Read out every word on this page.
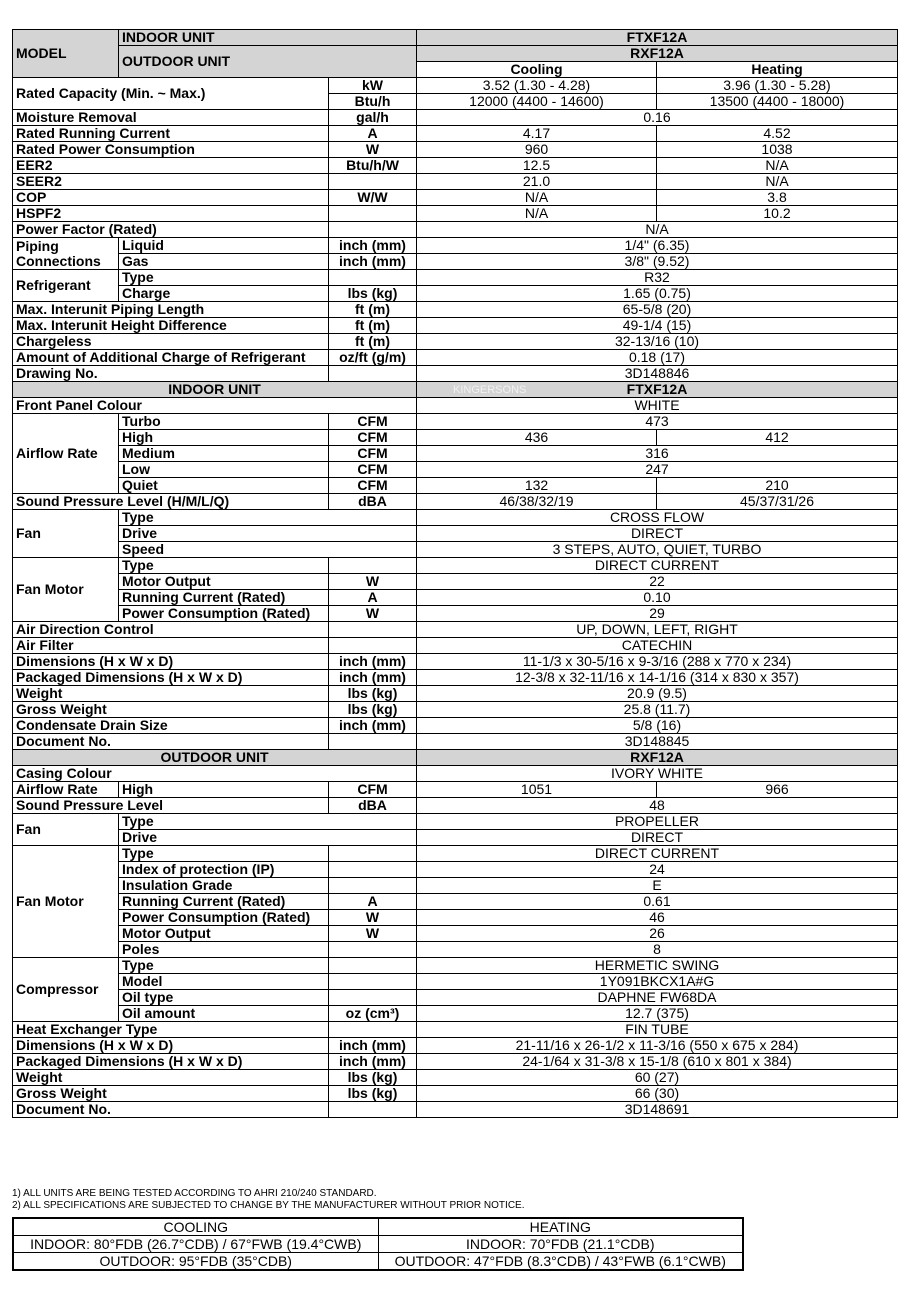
MODEL	INDOOR UNIT		FTXF12A	
	OUTDOOR UNIT		RXF12A	
			Cooling	Heating
Rated Capacity (Min. ~ Max.)		kW	3.52 (1.30 - 4.28)	3.96 (1.30 - 5.28)
		Btu/h	12000 (4400 - 14600)	13500 (4400 - 18000)
Moisture Removal		gal/h	0.16	
Rated Running Current		A	4.17	4.52
Rated Power Consumption		W	960	1038
EER2		Btu/h/W	12.5	N/A
SEER2			21.0	N/A
COP		W/W	N/A	3.8
HSPF2			N/A	10.2
Power Factor (Rated)			N/A	
Piping Connections	Liquid	inch (mm)	1/4" (6.35)	
	Gas	inch (mm)	3/8" (9.52)	
Refrigerant	Type		R32	
	Charge	lbs (kg)	1.65 (0.75)	
Max. Interunit Piping Length		ft (m)	65-5/8 (20)	
Max. Interunit Height Difference		ft (m)	49-1/4 (15)	
Chargeless		ft (m)	32-13/16 (10)	
Amount of Additional Charge of Refrigerant		oz/ft (g/m)	0.18 (17)	
Drawing No.			3D148846	
INDOOR UNIT			KINGERSONS FTXF12A	
Front Panel Colour			WHITE	
Airflow Rate	Turbo	CFM	473	
	High	CFM	436	412
	Medium	CFM	316	
	Low	CFM	247	
	Quiet	CFM	132	210
Sound Pressure Level (H/M/L/Q)		dBA	46/38/32/19	45/37/31/26
Fan	Type		CROSS FLOW	
	Drive		DIRECT	
	Speed		3 STEPS, AUTO, QUIET, TURBO	
Fan Motor	Type		DIRECT CURRENT	
	Motor Output	W	22	
	Running Current (Rated)	A	0.10	
	Power Consumption (Rated)	W	29	
Air Direction Control			UP, DOWN, LEFT, RIGHT	
Air Filter			CATECHIN	
Dimensions (H x W x D)		inch (mm)	11-1/3 x 30-5/16 x 9-3/16 (288 x 770 x 234)	
Packaged Dimensions (H x W x D)		inch (mm)	12-3/8 x 32-11/16 x 14-1/16 (314 x 830 x 357)	
Weight		lbs (kg)	20.9 (9.5)	
Gross Weight		lbs (kg)	25.8 (11.7)	
Condensate Drain Size		inch (mm)	5/8 (16)	
Document No.			3D148845	
OUTDOOR UNIT			RXF12A	
Casing Colour			IVORY WHITE	
Airflow Rate	High	CFM	1051	966
Sound Pressure Level		dBA	48	
Fan	Type		PROPELLER	
	Drive		DIRECT	
Fan Motor	Type		DIRECT CURRENT	
	Index of protection (IP)		24	
	Insulation Grade		E	
	Running Current (Rated)	A	0.61	
	Power Consumption (Rated)	W	46	
	Motor Output	W	26	
	Poles		8	
Compressor	Type		HERMETIC SWING	
	Model		1Y091BKCX1A#G	
	Oil type		DAPHNE FW68DA	
	Oil amount	oz (cm³)	12.7 (375)	
Heat Exchanger Type			FIN TUBE	
Dimensions (H x W x D)		inch (mm)	21-11/16 x 26-1/2 x 11-3/16 (550 x 675 x 284)	
Packaged Dimensions (H x W x D)		inch (mm)	24-1/64 x 31-3/8 x 15-1/8 (610 x 801 x 384)	
Weight		lbs (kg)	60 (27)	
Gross Weight		lbs (kg)	66 (30)	
Document No.			3D148691	
1) ALL UNITS ARE BEING TESTED ACCORDING TO AHRI 210/240 STANDARD.
2) ALL SPECIFICATIONS ARE SUBJECTED TO CHANGE BY THE MANUFACTURER WITHOUT PRIOR NOTICE.
COOLING	HEATING
INDOOR: 80°FDB (26.7°CDB) / 67°FWB (19.4°CWB)	INDOOR: 70°FDB (21.1°CDB)
OUTDOOR: 95°FDB (35°CDB)	OUTDOOR: 47°FDB (8.3°CDB) / 43°FWB (6.1°CWB)
